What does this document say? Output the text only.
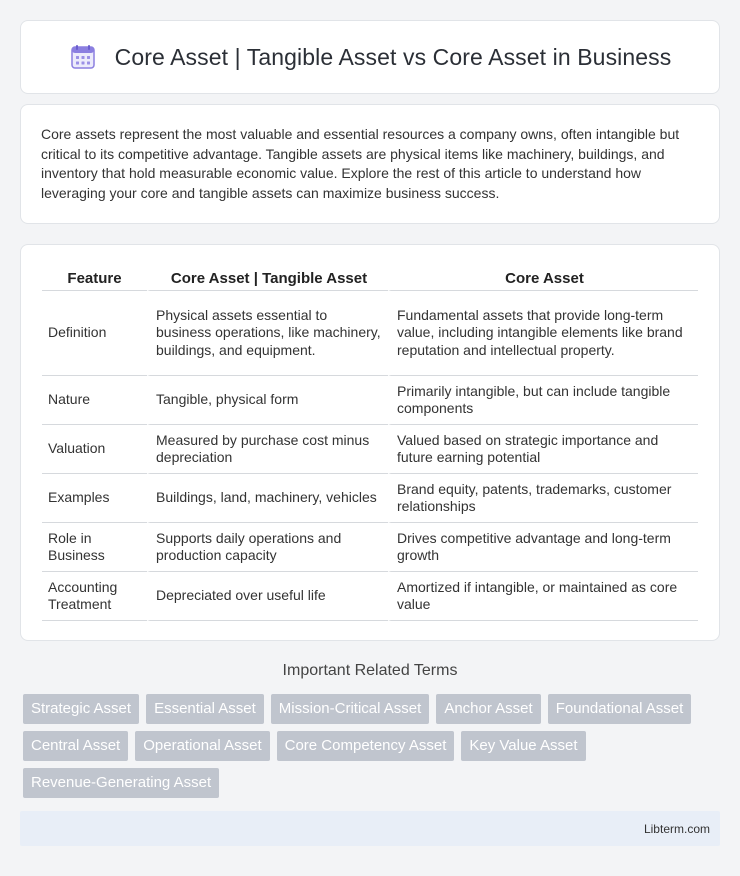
Core Asset | Tangible Asset vs Core Asset in Business

Core assets represent the most valuable and essential resources a company owns, often intangible but critical to its competitive advantage. Tangible assets are physical items like machinery, buildings, and inventory that hold measurable economic value. Explore the rest of this article to understand how leveraging your core and tangible assets can maximize business success.

Feature	Core Asset | Tangible Asset	Core Asset
Definition	Physical assets essential to business operations, like machinery, buildings, and equipment.	Fundamental assets that provide long-term value, including intangible elements like brand reputation and intellectual property.
Nature	Tangible, physical form	Primarily intangible, but can include tangible components
Valuation	Measured by purchase cost minus depreciation	Valued based on strategic importance and future earning potential
Examples	Buildings, land, machinery, vehicles	Brand equity, patents, trademarks, customer relationships
Role in Business	Supports daily operations and production capacity	Drives competitive advantage and long-term growth
Accounting Treatment	Depreciated over useful life	Amortized if intangible, or maintained as core value
Important Related Terms
Strategic Asset	Essential Asset	Mission-Critical Asset	Anchor Asset	Foundational Asset
Central Asset	Operational Asset	Core Competency Asset	Key Value Asset
Revenue-Generating Asset
Libterm.com
